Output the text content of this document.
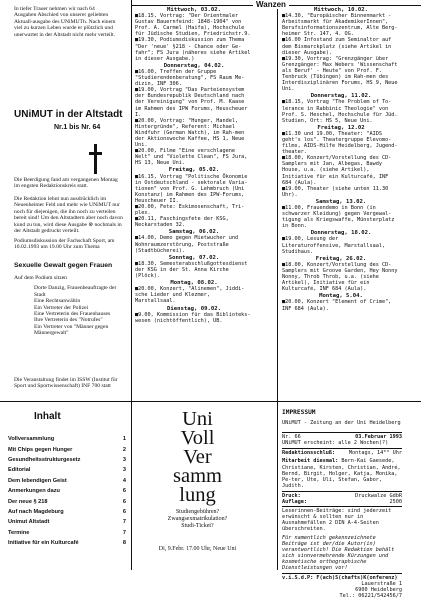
In tiefer Trauer nehmen wir nach 64 Ausgaben Abschied von unserer geliebten Aktuall-ausgabe des UNiMUTh. Nach einem viel zu kurzen Leben wurde er plötzlich und unerwartet in der Altstadt nicht mehr verteilt.
UNiMUT in der Altstadt
Nr.1 bis Nr. 64
Die Beerdigung fand am vergangenen Montag im engsten Redaktionskreis statt.
Die Redaktion lehnt nun ausdrücklich im Neuenheimer Feld und mehr wie UNiMUT nur noch für diejenigen, die ihn noch zu verteilen bereit sind! Um den Altstadtern aber noch davon kund zu tun, wird diese Ausgabe ⊗ nochmals in der Altstadt gedruckt verteilt.
Podiumsdiskussion der Fachschaft Sport, am 10.02.1993 um 19.00 Uhr zum Thema
Sexuelle Gewalt gegen Frauen
Auf dem Podium sitzen
Dorte Danzig, Frauenbeauftragte der
Stadt
Eine Rechtsanwältin
Ein Vertreter der Polizei
Eine Vertreterin des Frauenhauses
Ihre Vertreterin des "Notrufes"
Ein Vertreter von "Männer gegen
Männergewalt"
Die Veranstaltung findet im ISSW (Institut für Sport und Sportwissenschaft) INF 700 statt
Wanzen
Mittwoch, 03.02.

■18.15, Vortrag: "Der Orientmaler Gustav Bauernfeind: 1848-1904" von Prof. A. Carmel (Haifa), Hochschule für Jüdische Studien, Friedrichstr.9.

■19.30, Podiumsdiskussion zum Thema "Der 'neue' §218 - Chance oder Ge-fahr"; FS Jura (näheres siehe Artikel in dieser Ausgabe.)

Donnerstag, 04.02.

■16.00, Treffen der Gruppe "Studierendenberatung", FS Raum Me-dizin, INF 306.

■19.00, Vortrag "Das Parteiensystem der Bundesrepublik Deutschland nach der Vereinigung" von Prof. M. Kaase im Rahmen des IPW Forums, Heuscheuer I.

■20.00, Vortrag: "Hunger, Handel, Hintergründe", Referent: Michael Windfuhr (German Watch), im Rah-men der Aktionswoche Kaffee, HS 1, Neue Uni.

■20.00, Filme "Eine verschlagene Welt" und "Violette Clean", FS Jura, HS 13, Neue Uni.

Freitag, 05.02.

■16.15, Vortrag "Politische Ökonomie in Ostdeutschland - sektorale Varia-tionen" von Prof. G. Lehmbruch (Uni Konstanz) im Rahmen des IPW-Forums, Heuscheuer II.

■20.00, Fete: Eskimosenschaft, Tri-plex.

■20.11, Faschingsfete der KSG, Neckarstaden 32.

Samstag, 06.02.

■14.00, Demo gegen Mietwucher und Wohnraumzerstörung, Poststraße (Stadtbücherei).

Sonntag, 07.02.

■18.30, Semesterabschlußgottesdienst der KSG in der St. Anna Kirche (Plöck).

Montag, 08.02.

■20.00, Konzert, "Alinemen", Jiddi-sche Lieder und Klezmer, Marstallsaal.

Dienstag, 09.02.

■9.00, Kommission für das Biblioteks-wesen (nichtöffentlich), UB.

Mittwoch, 10.02.

■14.30, "Europäischer Binnenmarkt - Arbeitsmarkt für AkademikerInnen", Berufsinformationszentrum, Alte Berg-heimer Str. 147, 4. OG.

■16.00 Infostand zum Seminaltor auf dem Bismarckplatz (siehe Artikel in dieser Ausgabe).

■19.30, Vortrag: "Grenzgänger über Grenzgänger: Max Webers 'Wissenschaft als Beruf' - Heute" von Prof. F. Tenbruck (Tübingen) im Rah-men des Interdisziplinären Forums, HS 9, Neue Uni.

Donnerstag, 11.02.

■18.15, Vortrag "The Problem of To-lerance in Rabbinic Theologie" von Prof. S. Heschel, Hochschule für Jüd. Studien, Ort: HS 5, Neue Uni.

Freitag, 12.02

■11.30 und 19.00, Theater: "AIDS geht's los". Theatergruppe Elevomo-films, AIDS-Hilfe Heidelberg, Jugend-theater.

■18.00, Konzert/Vorstellung des CD-Samplers mit Jan, Albegas, Bawdy House, u.a. (siehe Artikel), Initiative für ein Kulturcafé, INF 684 (Aula).

■19.00, Theater (siehe unten 11.30 Uhr).

Samstag, 13.02.

■11.00, Frauendemo in Bonn (in schwarzer Kleidung) gegen Vergewal-tigung als Kriegswaffe, Münsterplatz in Bonn.

Donnerstag, 18.02.

■19.00, Lesung der Literaturoffensive, Marstallsaal, Studihaus.

Freitag, 26.02.

■18.00, Konzert/Vorstellung des CD-Samplers mit Groove Garden, Hey Nonny Nonny, Throb Throb, u.a. (siehe Artikel), Initiative für ein Kulturcafé, INF 684 (Aula).

Montag, 5.04.

■20.00, Konzert "Element of Crime", INF 684 (Aula).

Inhalt
Vollversammlung	1
Mit Chips gegen Hunger	2
Gesundheitsstrukturgesetz	3
Editorial	3
Dem lebendigen Geist	4
Anmerkungen dazu	6
Der neue § 218	6
Auf nach Magdeburg	6
Unimut Altstadt	7
Termine	7
Initiative für ein Kulturcafé	8
Uni
Voll
Ver
samm
lung
Studiengebühren?
Zwangsexmatrikulation?
Studi-Ticket?
Di, 9.Febr. 17.00 Uhr, Neue Uni
IMPRESSUM
UNiMUT - Zeitung an der Uni Heidelberg
Nr. 66	03.Februar 1993
UNiMUT erscheint: alle 2 Wochen(?)
Redaktionsschluß:	Montags, 14⁰⁰ Uhr
Mitarbeit diesmal: Bern-Kai Gaesede, Christiane, Kirsten, Christian, André, Bernd, Birgit, Holger, Katja, Monika, Pe-ter, Ute, Uli, Stefan, Gabor, Judith.
Druck:	Druckwalze GdbR
Auflage:	2500
Leserinnen-Beiträge: sind jederzeit erwünscht & sollten nur in Ausnahmefällen 2 DIN A-4-Seiten überschreiten.
Für namentlich gekennzeichnete Beiträge ist der/die Autor(in) verantwortlich! Die Redaktion behält sich sinnvermehrende Kürzungen und kosmetische orthographische Dienstleistungen vor!
v.i.S.d.P: F(ach)S(chafts)K(onferenz)
Lauerstraße 1
6900 Heidelberg
Tel.: 06221/542456/7
